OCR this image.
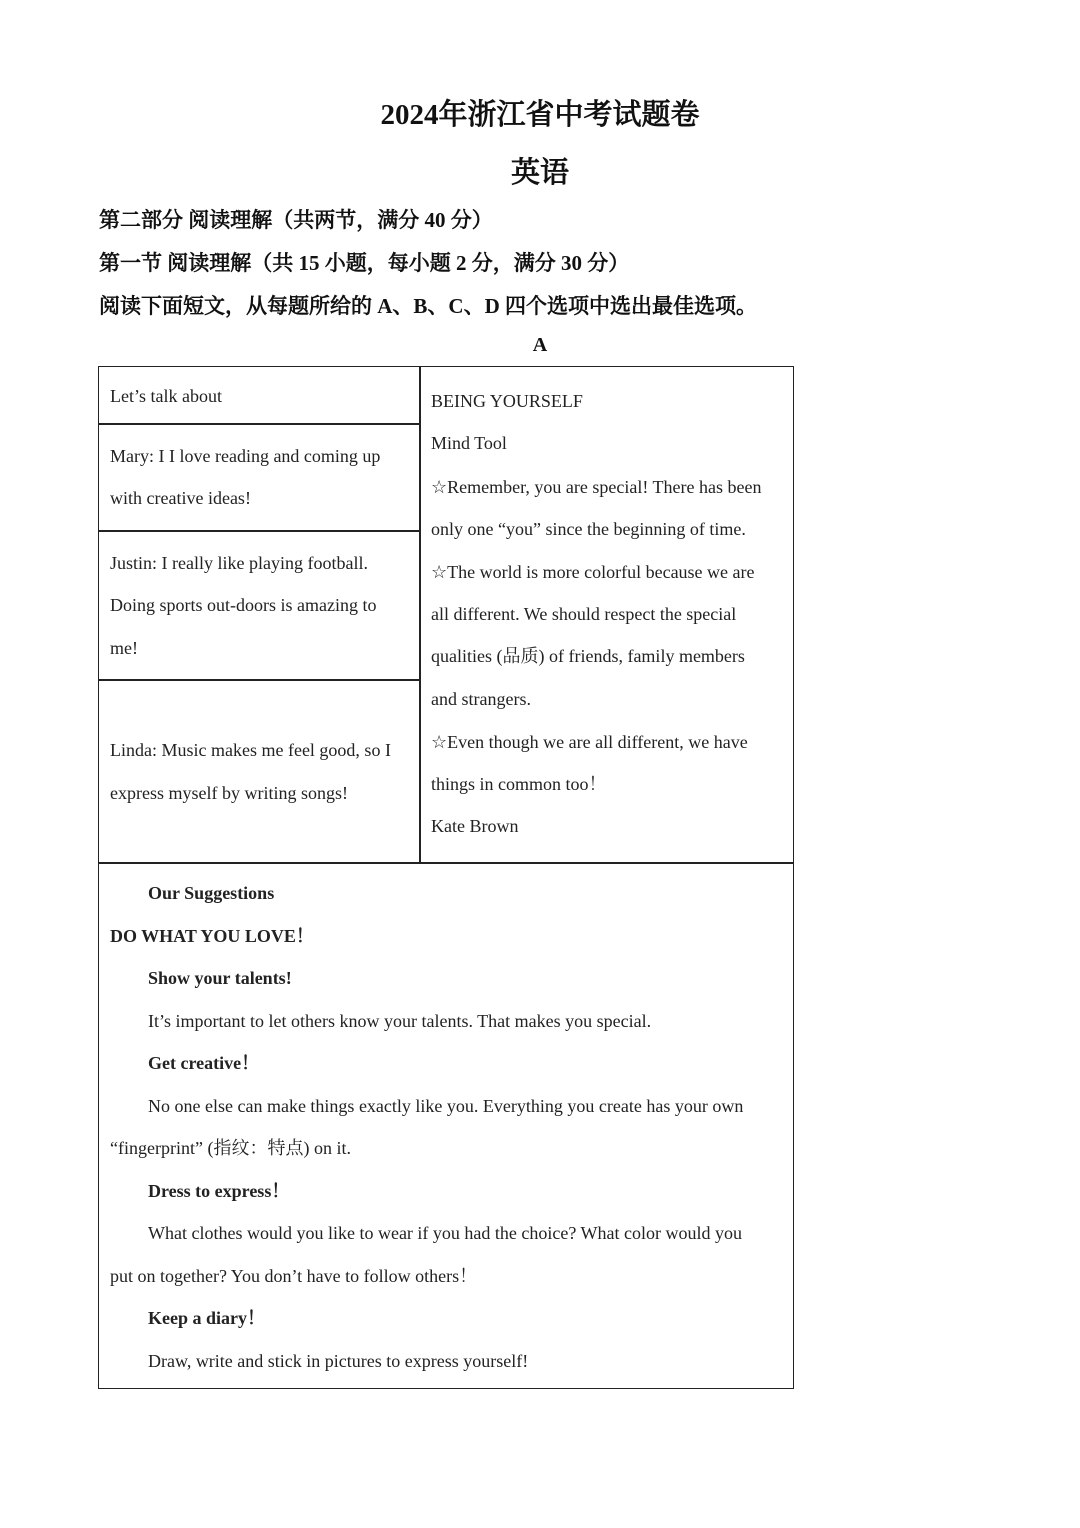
2024年浙江省中考试题卷
英语
第二部分 阅读理解（共两节，满分 40 分）
第一节 阅读理解（共 15 小题，每小题 2 分，满分 30 分）
阅读下面短文，从每题所给的 A、B、C、D 四个选项中选出最佳选项。
A
Let’s talk about
Mary: I I love reading and coming up
with creative ideas!
Justin: I really like playing football.
Doing sports out-doors is amazing to
me!
Linda: Music makes me feel good, so I
express myself by writing songs!
BEING YOURSELF
Mind Tool
☆Remember, you are special! There has been
only one “you” since the beginning of time.
☆The world is more colorful because we are
all different. We should respect the special
qualities (品质) of friends, family members
and strangers.
☆Even though we are all different, we have
things in common too！
Kate Brown
Our Suggestions
DO WHAT YOU LOVE！
Show your talents!
It’s important to let others know your talents. That makes you special.
Get creative！
No one else can make things exactly like you. Everything you create has your own
“fingerprint” (指纹：特点) on it.
Dress to express！
What clothes would you like to wear if you had the choice? What color would you
put on together? You don’t have to follow others！
Keep a diary！
Draw, write and stick in pictures to express yourself!
